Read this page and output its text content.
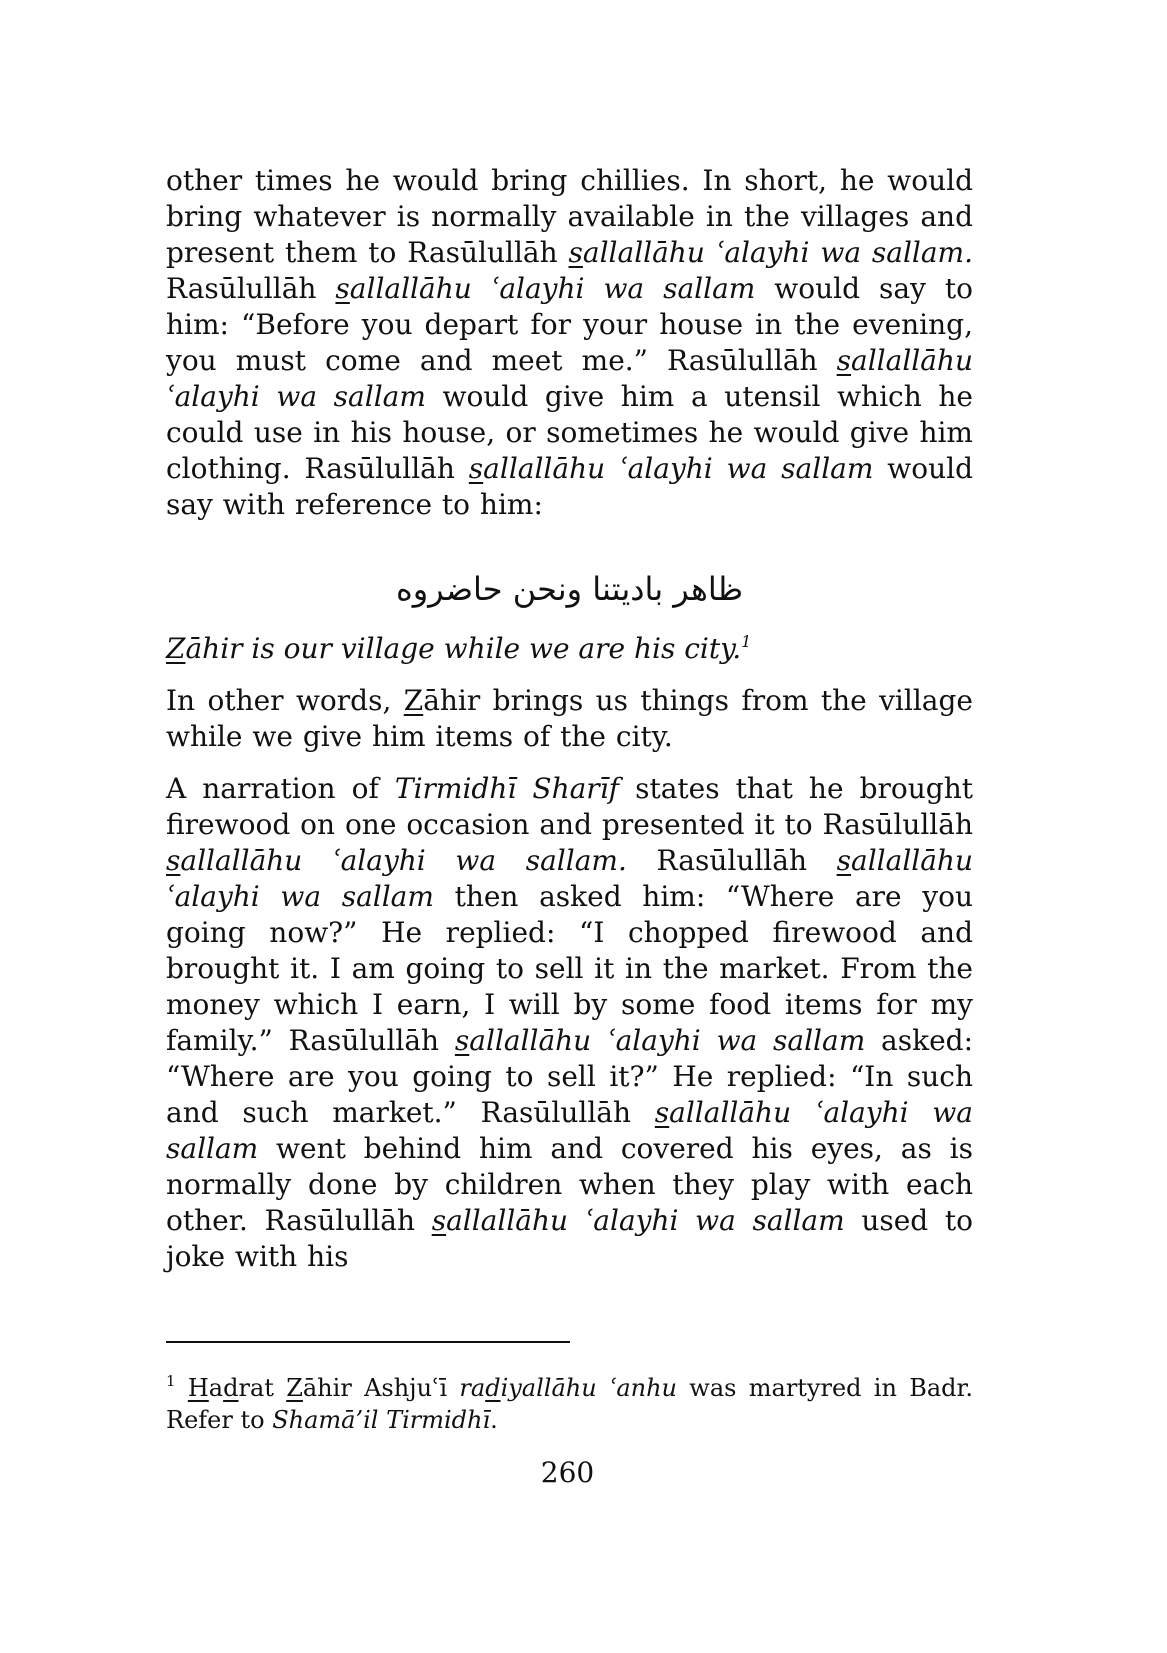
other times he would bring chillies. In short, he would bring whatever is normally available in the villages and present them to Rasūlullāh sallallāhu ʿalayhi wa sallam. Rasūlullāh sallallāhu ʿalayhi wa sallam would say to him: “Before you depart for your house in the evening, you must come and meet me.” Rasūlullāh sallallāhu ʿalayhi wa sallam would give him a utensil which he could use in his house, or sometimes he would give him clothing. Rasūlullāh sallallāhu ʿalayhi wa sallam would say with reference to him:

ظاهر باديتنا ونحن حاضروه

Zāhir is our village while we are his city.$^1$

In other words, Zāhir brings us things from the village while we give him items of the city.

A narration of Tirmidhī Sharīf states that he brought firewood on one occasion and presented it to Rasūlullāh sallallāhu ʿalayhi wa sallam. Rasūlullāh sallallāhu ʿalayhi wa sallam then asked him: “Where are you going now?” He replied: “I chopped firewood and brought it. I am going to sell it in the market. From the money which I earn, I will by some food items for my family.” Rasūlullāh sallallāhu ʿalayhi wa sallam asked: “Where are you going to sell it?” He replied: “In such and such market.” Rasūlullāh sallallāhu ʿalayhi wa sallam went behind him and covered his eyes, as is normally done by children when they play with each other. Rasūlullāh sallallāhu ʿalayhi wa sallam used to joke with his

$^1$ Hadrat Zāhir Ashjuʿī radiyallāhu ʿanhu was martyred in Badr. Refer to Shamā’il Tirmidhī.

260
